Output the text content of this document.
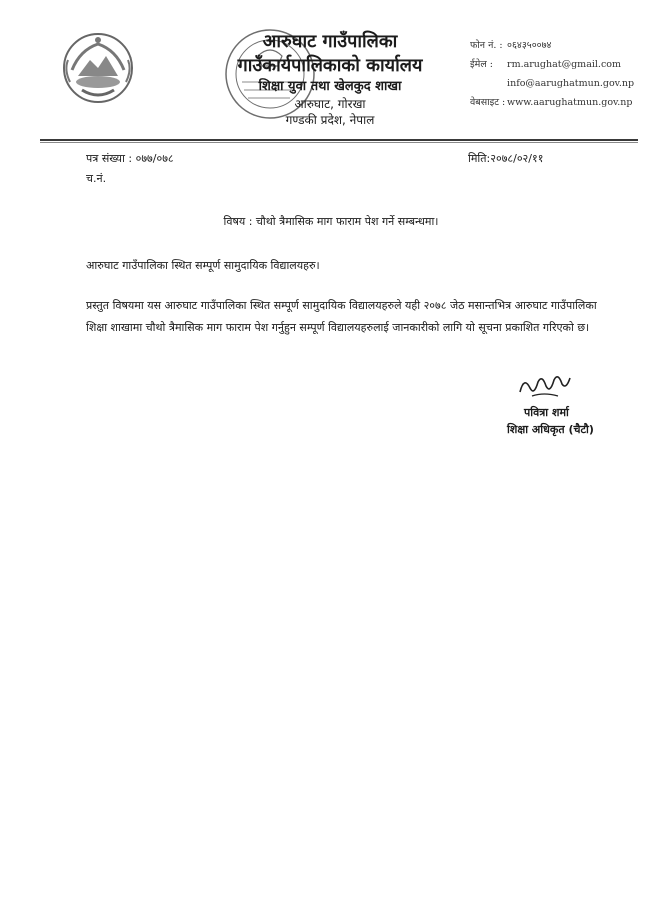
आरुघाट गाउँपालिका
गाउँकार्यपालिकाको कार्यालय
शिक्षा युवा तथा खेलकुद शाखा
आरुघाट, गोरखा
गण्डकी प्रदेश, नेपाल
फोन नं. : ०६४३५००७४
ईमेल : rm.arughat@gmail.com
info@aarughatmun.gov.np
वेबसाइट : www.aarughatmun.gov.np
पत्र संख्या : ०७७/०७८	मिति:२०७८/०२/११
च.नं.
विषय : चौथो त्रैमासिक माग फाराम पेश गर्ने सम्बन्धमा।
आरुघाट गाउँपालिका स्थित सम्पूर्ण सामुदायिक विद्यालयहरु।
प्रस्तुत विषयमा यस आरुघाट गाउँपालिका स्थित सम्पूर्ण सामुदायिक विद्यालयहरुले यही २०७८ जेठ मसान्तभित्र आरुघाट गाउँपालिका शिक्षा शाखामा चौथो त्रैमासिक माग फाराम पेश गर्नुहुन सम्पूर्ण विद्यालयहरुलाई जानकारीको लागि यो सूचना प्रकाशित गरिएको छ।
पवित्रा शर्मा
शिक्षा अधिकृत (चैटौ)
